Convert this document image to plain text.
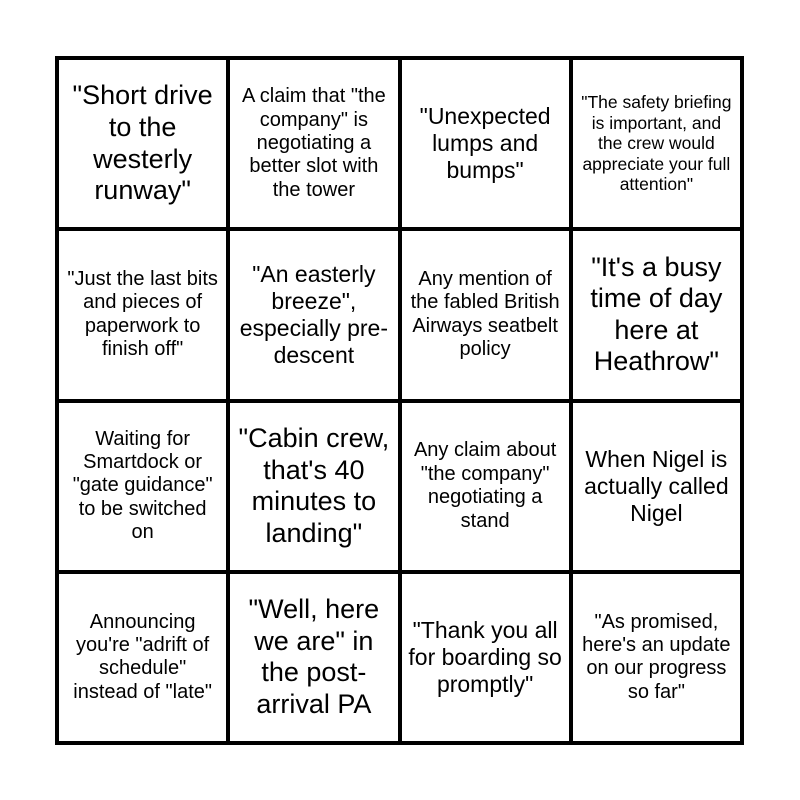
"Short drive to the westerly runway"
A claim that "the company" is negotiating a better slot with the tower
"Unexpected lumps and bumps"
"The safety briefing is important, and the crew would appreciate your full attention"
"Just the last bits and pieces of paperwork to finish off"
"An easterly breeze", especially pre-descent
Any mention of the fabled British Airways seatbelt policy
"It's a busy time of day here at Heathrow"
Waiting for Smartdock or "gate guidance" to be switched on
"Cabin crew, that's 40 minutes to landing"
Any claim about "the company" negotiating a stand
When Nigel is actually called Nigel
Announcing you're "adrift of schedule" instead of "late"
"Well, here we are" in the post-arrival PA
"Thank you all for boarding so promptly"
"As promised, here's an update on our progress so far"
